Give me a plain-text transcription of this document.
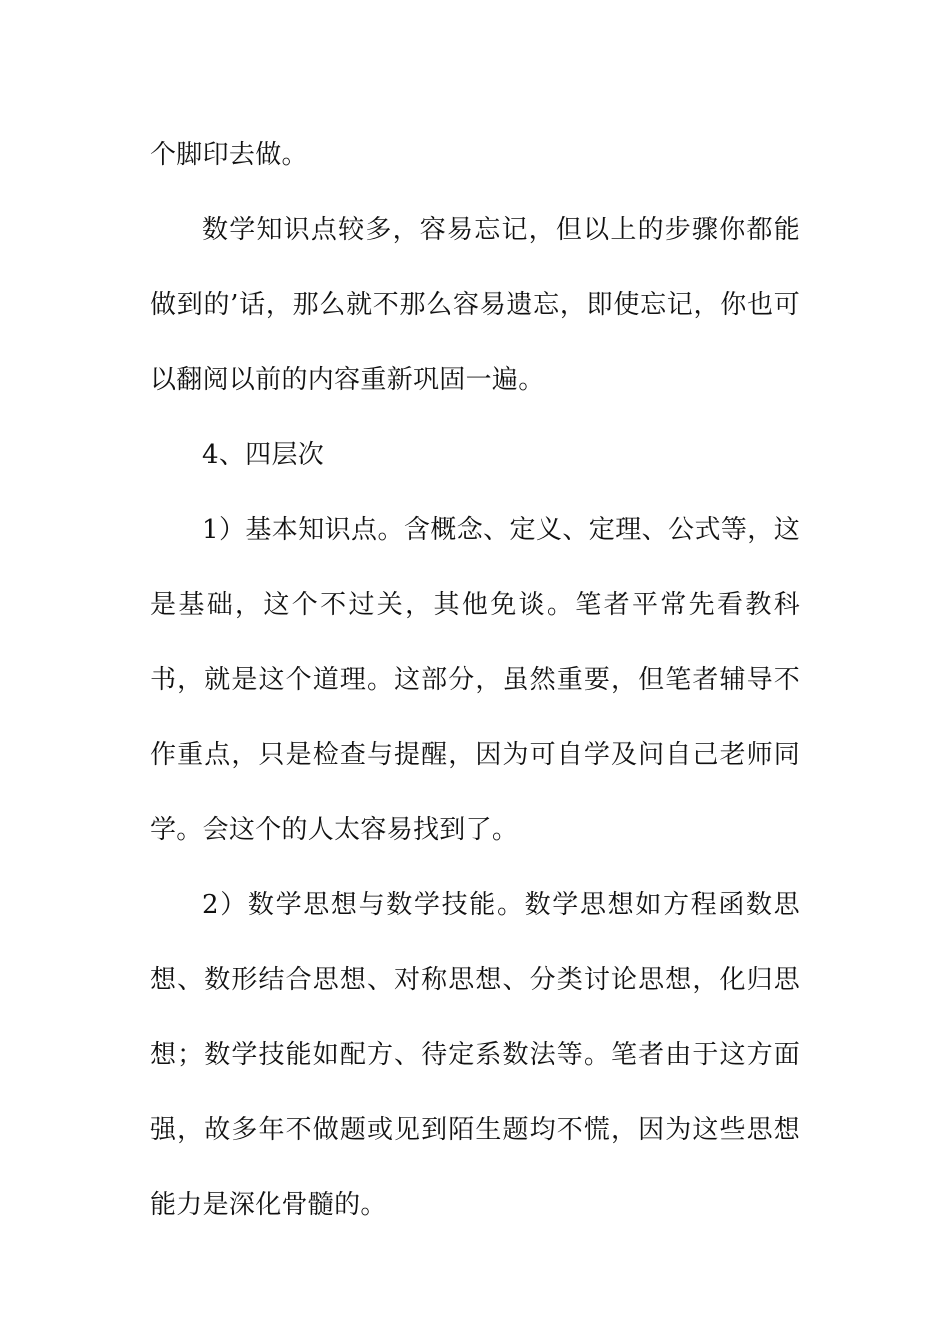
个脚印去做。

数学知识点较多，容易忘记，但以上的步骤你都能做到的’话，那么就不那么容易遗忘，即使忘记，你也可以翻阅以前的内容重新巩固一遍。

4、四层次

1）基本知识点。含概念、定义、定理、公式等，这是基础，这个不过关，其他免谈。笔者平常先看教科书，就是这个道理。这部分，虽然重要，但笔者辅导不作重点，只是检查与提醒，因为可自学及问自己老师同学。会这个的人太容易找到了。

2）数学思想与数学技能。数学思想如方程函数思想、数形结合思想、对称思想、分类讨论思想，化归思想；数学技能如配方、待定系数法等。笔者由于这方面强，故多年不做题或见到陌生题均不慌，因为这些思想能力是深化骨髓的。
